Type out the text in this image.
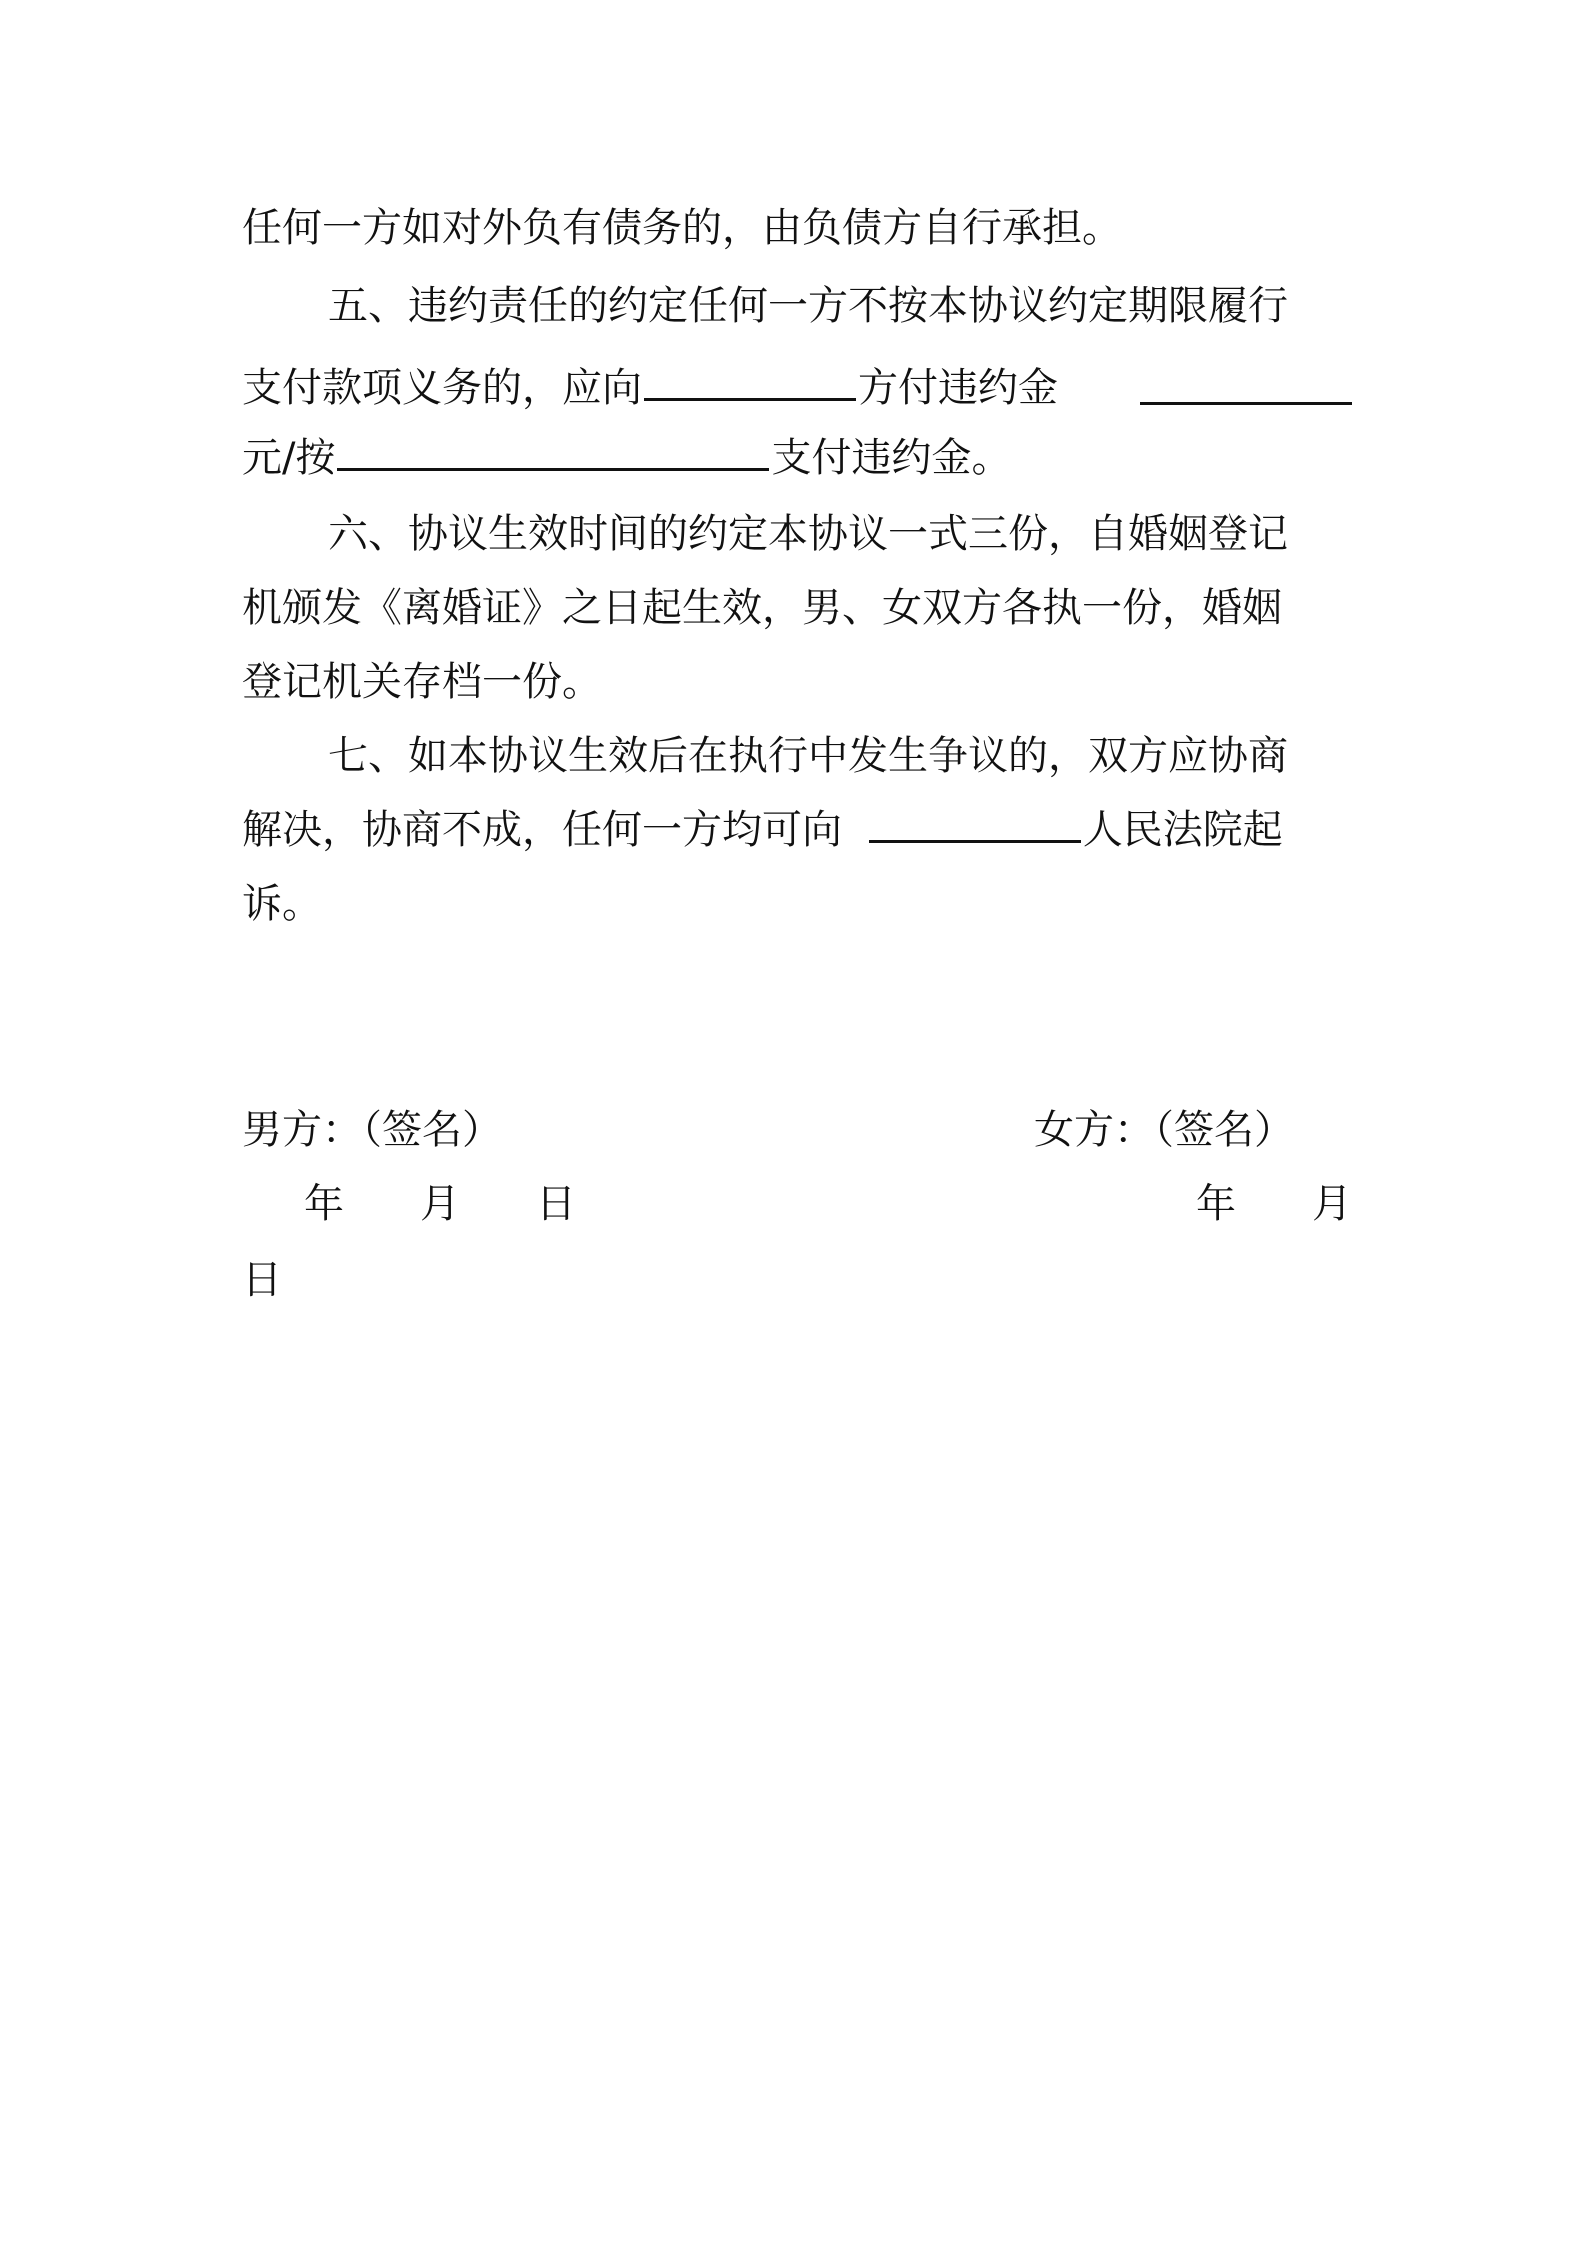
任何一方如对外负有债务的，由负债方自行承担。
五、违约责任的约定任何一方不按本协议约定期限履行
支付款项义务的，应向	方付违约金
元/按	支付违约金。
六、协议生效时间的约定本协议一式三份，自婚姻登记
机颁发《离婚证》之日起生效，男、女双方各执一份，婚姻
登记机关存档一份。
七、如本协议生效后在执行中发生争议的，双方应协商
解决，协商不成，任何一方均可向	人民法院起
诉。
男方：（签名）	女方：（签名）
年 月 日	年 月
日
